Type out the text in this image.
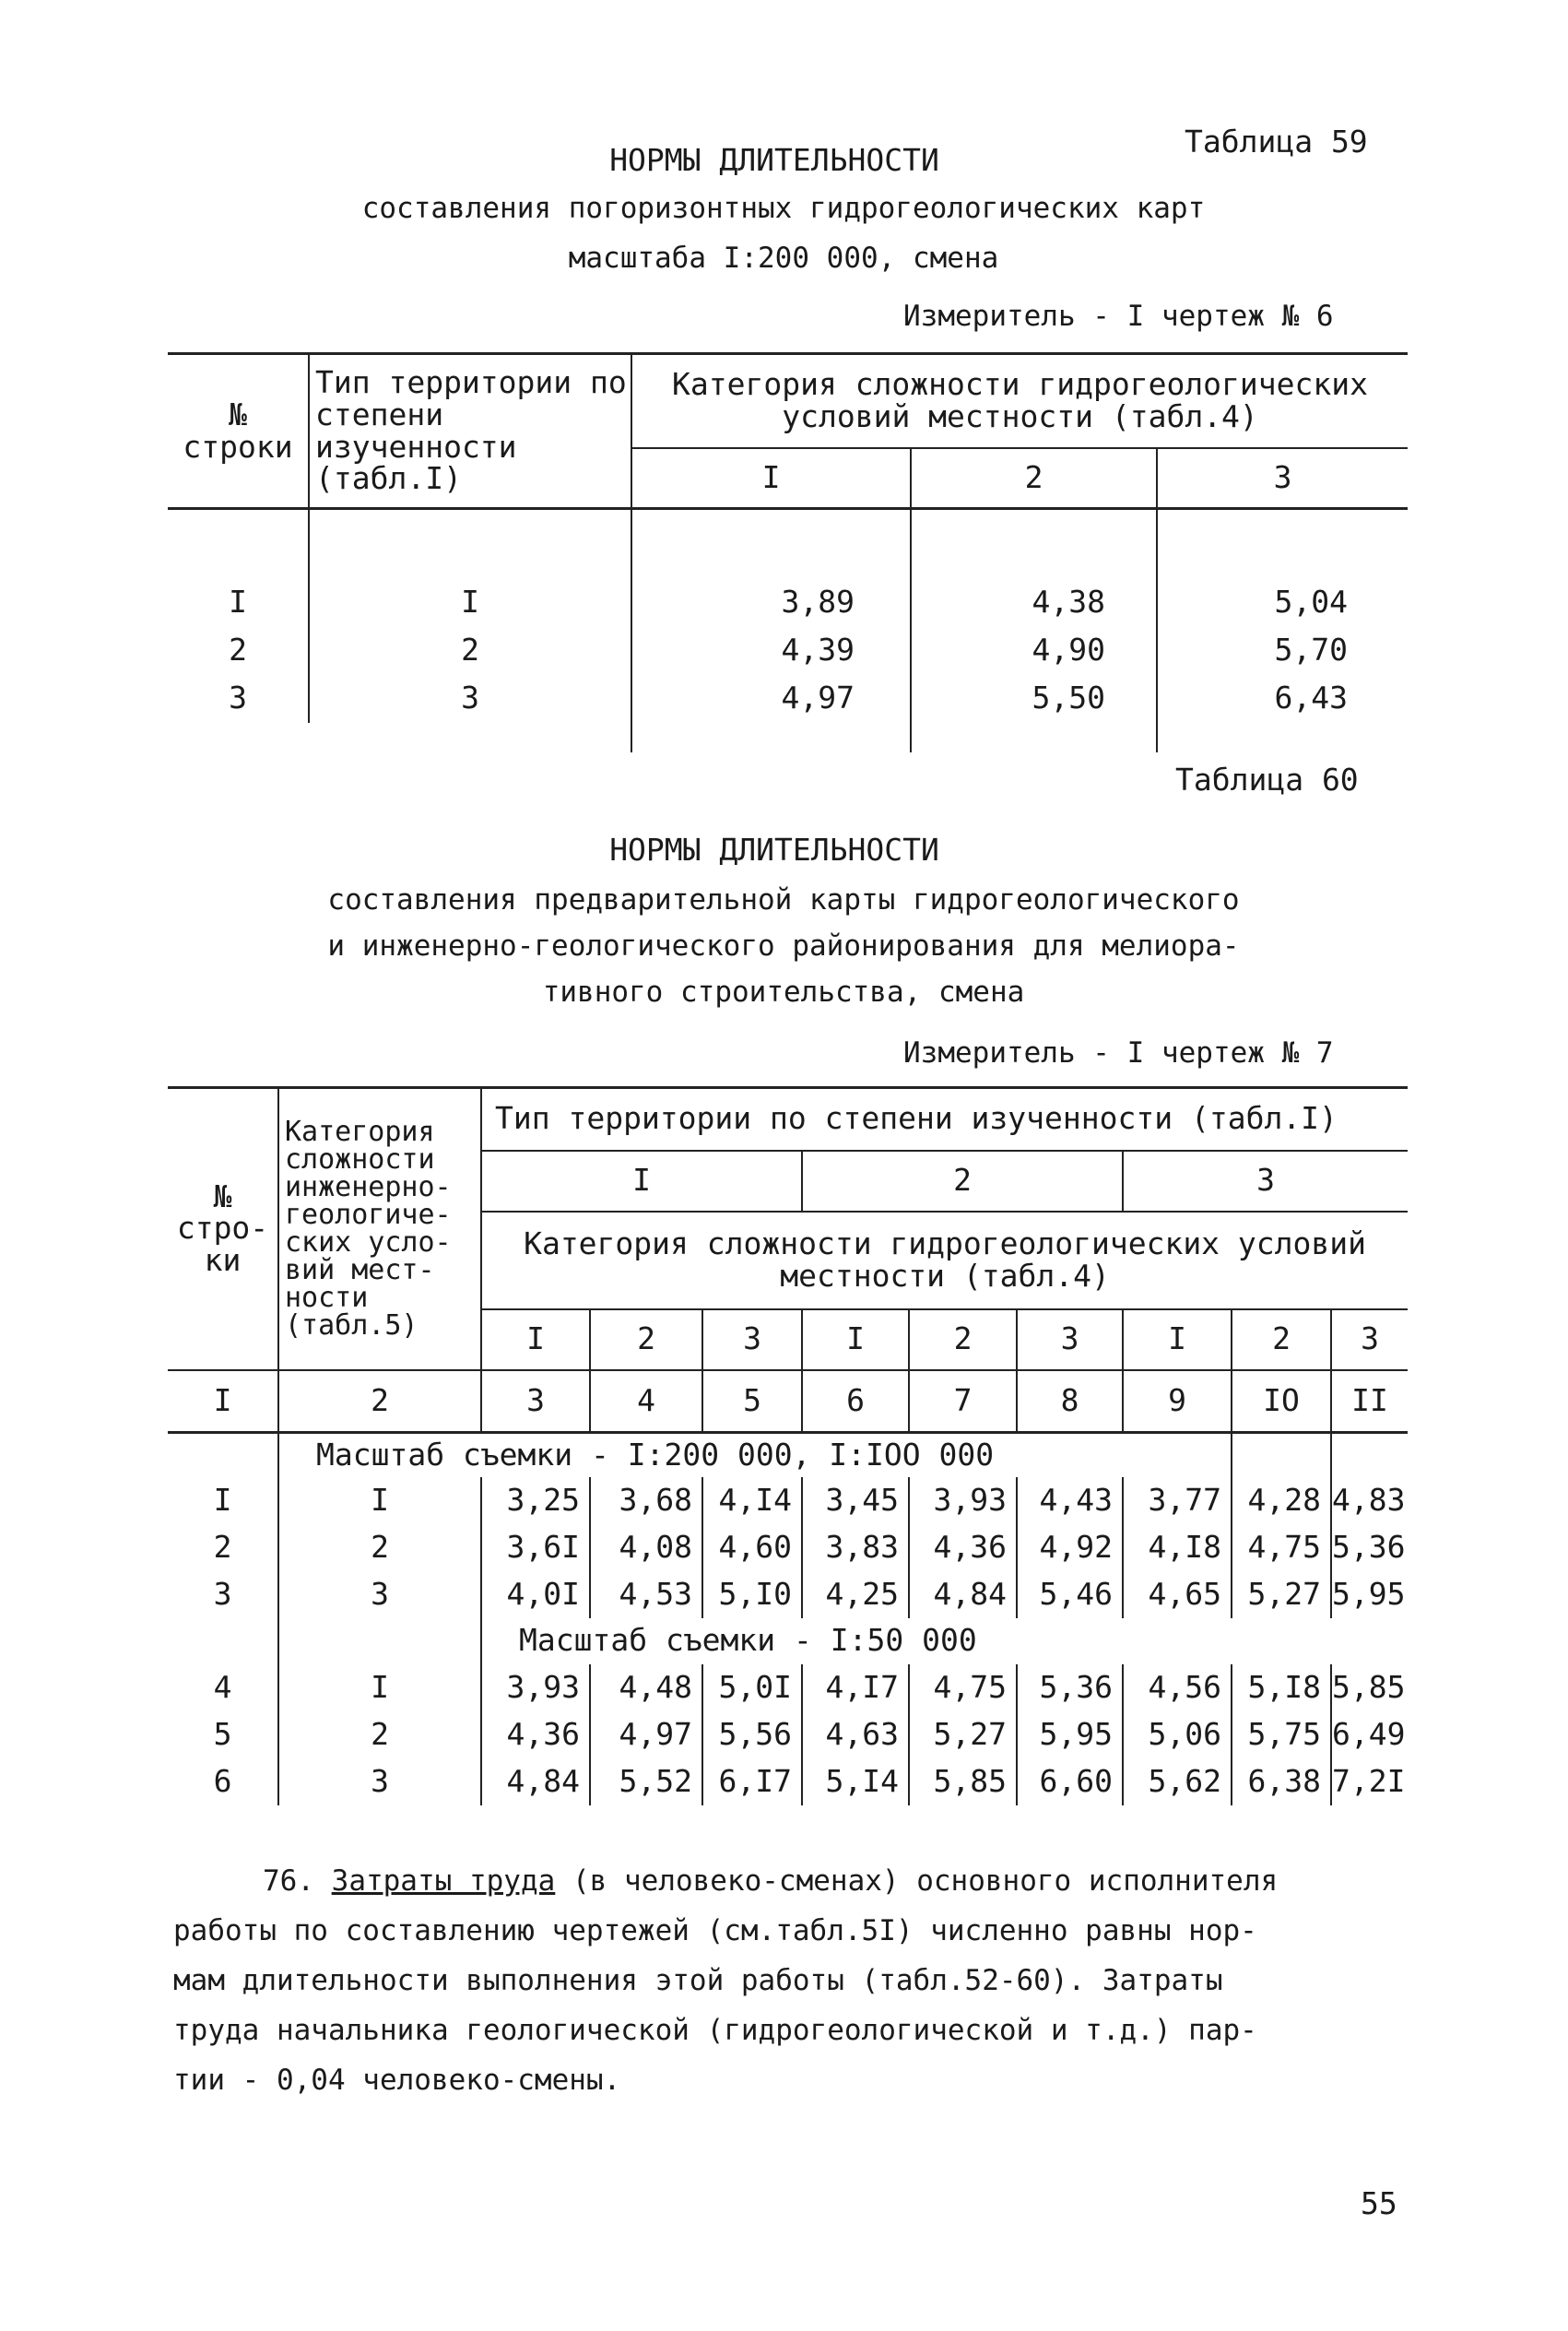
Таблица 59
НОРМЫ ДЛИТЕЛЬНОСТИ
составления погоризонтных гидрогеологических карт
масштаба I:200 000, смена
Измеритель - I чертеж № 6
№ строки	Тип территории по степени изученности (табл.I)	Категория сложности гидрогеологических условий местности (табл.4)		
		I	2	3

I	I	3,89	4,38	5,04
2	2	4,39	4,90	5,70
3	3	4,97	5,50	6,43

Таблица 60
НОРМЫ ДЛИТЕЛЬНОСТИ
составления предварительной карты гидрогеологического
и инженерно-геологического районирования для мелиора-
тивного строительства, смена
Измеритель - I чертеж № 7
№ стро- ки	Категория сложности инженерно- геологиче- ских усло- вий мест- ности (табл.5)	Тип территории по степени изученности (табл.I)								
		I			2			3		
		Категория сложности гидрогеологических условий местности (табл.4)								
		I	2	3	I	2	3	I	2	3
I	2	3	4	5	6	7	8	9	IO	II
	Масштаб съемки - I:200 000, I:IOO 000									
I	I	3,25	3,68	4,I4	3,45	3,93	4,43	3,77	4,28	4,83
2	2	3,6I	4,08	4,60	3,83	4,36	4,92	4,I8	4,75	5,36
3	3	4,0I	4,53	5,I0	4,25	4,84	5,46	4,65	5,27	5,95
		Масштаб съемки - I:50 000								
4	I	3,93	4,48	5,0I	4,I7	4,75	5,36	4,56	5,I8	5,85
5	2	4,36	4,97	5,56	4,63	5,27	5,95	5,06	5,75	6,49
6	3	4,84	5,52	6,I7	5,I4	5,85	6,60	5,62	6,38	7,2I
76. Затраты труда (в человеко-сменах) основного исполнителя
работы по составлению чертежей (см.табл.5I) численно равны нор-
мам длительности выполнения этой работы (табл.52-60). Затраты
труда начальника геологической (гидрогеологической и т.д.) пар-
тии - 0,04 человеко-смены.
55
